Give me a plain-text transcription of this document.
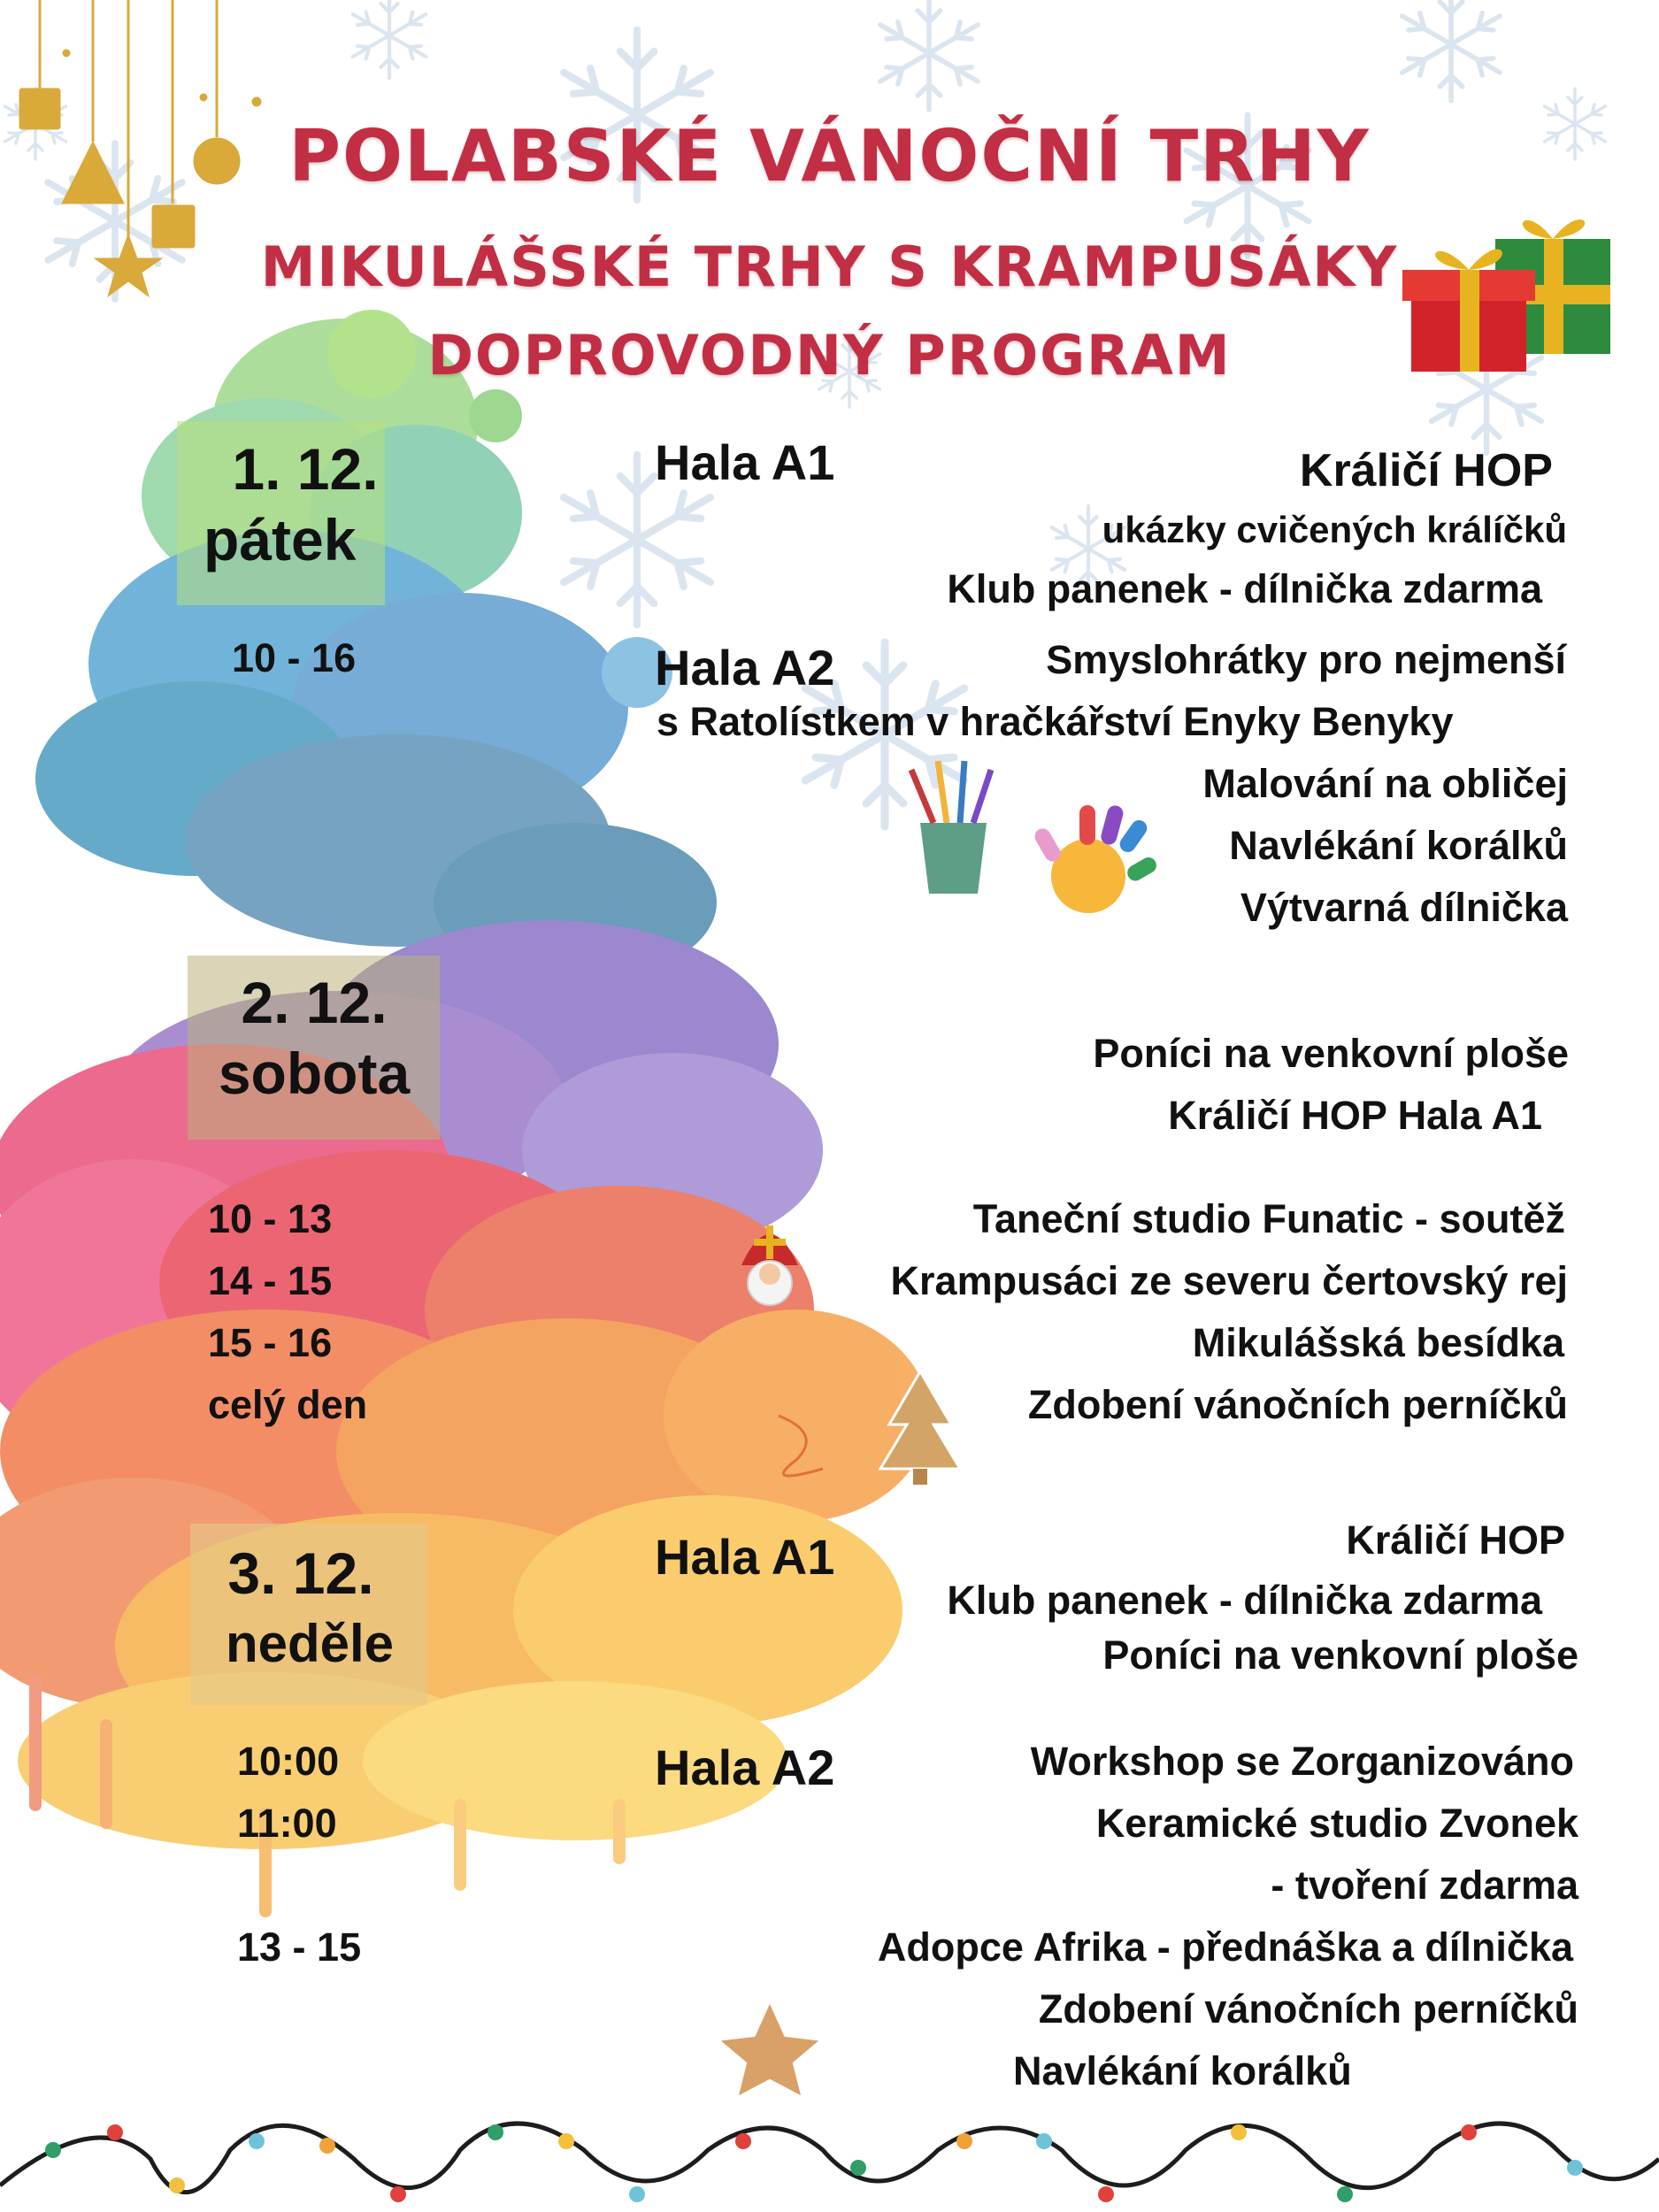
POLABSKÉ VÁNOČNÍ TRHY
MIKULÁŠSKÉ TRHY S KRAMPUSÁKY
DOPROVODNÝ PROGRAM
1. 12.
pátek
10 - 16
Hala A1
Hala A2
Králičí HOP
ukázky cvičených králíčků
Klub panenek - dílnička zdarma
Smyslohrátky pro nejmenší
s Ratolístkem v hračkářství Enyky Benyky
Malování na obličej
Navlékání korálků
Výtvarná dílnička
2. 12.
sobota
10 - 13
14 - 15
15 - 16
celý den
Poníci na venkovní ploše
Králičí HOP Hala A1
Taneční studio Funatic - soutěž
Krampusáci ze severu čertovský rej
Mikulášská besídka
Zdobení vánočních perníčků
3. 12.
neděle
10:00
11:00
13 - 15
Hala A1
Hala A2
Králičí HOP
Klub panenek - dílnička zdarma
Poníci na venkovní ploše
Workshop se Zorganizováno
Keramické studio Zvonek
- tvoření zdarma
Adopce Afrika - přednáška a dílnička
Zdobení vánočních perníčků
Navlékání korálků
